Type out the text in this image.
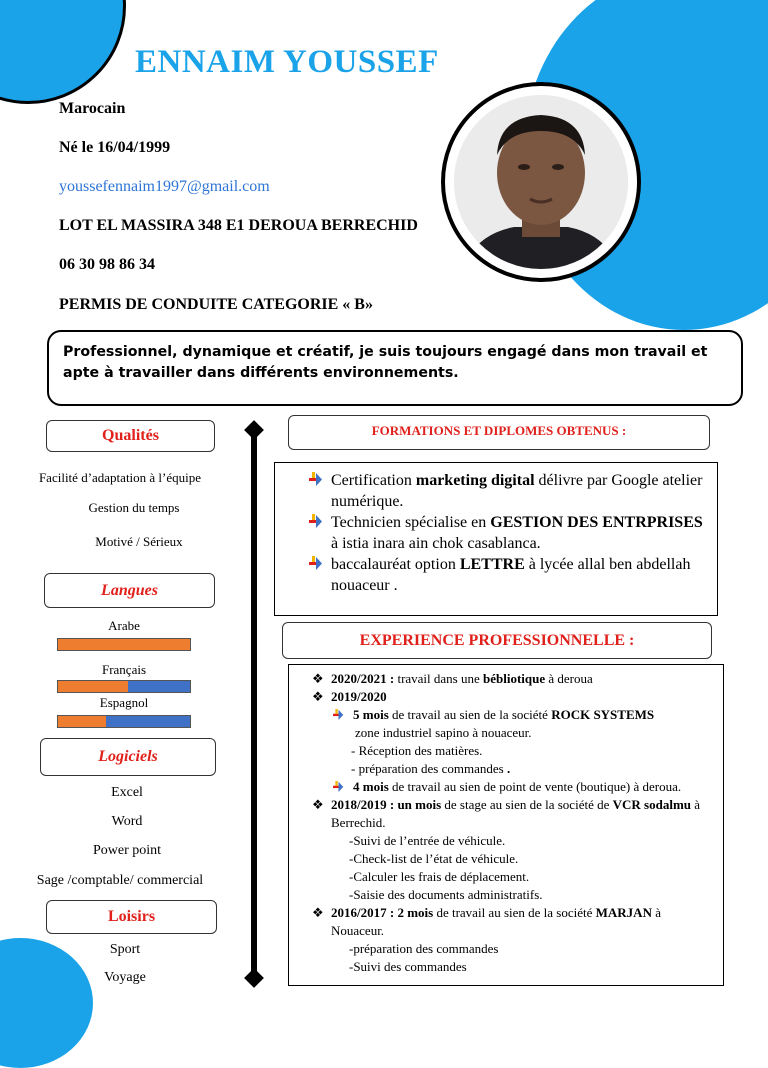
ENNAIM YOUSSEF
Marocain
Né le 16/04/1999
youssefennaim1997@gmail.com
LOT EL MASSIRA 348 E1 DEROUA BERRECHID
06 30 98 86 34
PERMIS DE CONDUITE CATEGORIE « B»

Professionnel, dynamique et créatif, je suis toujours engagé dans mon travail et apte à travailler dans différents environnements.

Qualités
Facilité d’adaptation à l’équipe
Gestion du temps
Motivé / Sérieux
Langues
Arabe
Français
Espagnol
Logiciels
Excel
Word
Power point
Sage /comptable/ commercial
Loisirs
Sport
Voyage
FORMATIONS ET DIPLOMES OBTENUS :

Certification marketing digital délivre par Google atelier numérique.

Technicien spécialise en GESTION DES ENTRPRISES à istia inara ain chok casablanca.

baccalauréat option LETTRE à lycée allal ben abdellah nouaceur .

EXPERIENCE PROFESSIONNELLE :
❖ 2020/2021 : travail dans une bébliotique à deroua
❖ 2019/2020
5 mois de travail au sien de la société ROCK SYSTEMS
zone industriel sapino à nouaceur.
- Réception des matières.
- préparation des commandes .
4 mois de travail au sien de point de vente (boutique) à deroua.
❖ 2018/2019 : un mois de stage au sien de la société de VCR sodalmu à Berrechid.
-Suivi de l’entrée de véhicule.
-Check-list de l’état de véhicule.
-Calculer les frais de déplacement.
-Saisie des documents administratifs.
❖ 2016/2017 : 2 mois de travail au sien de la société MARJAN à Nouaceur.
-préparation des commandes
-Suivi des commandes
